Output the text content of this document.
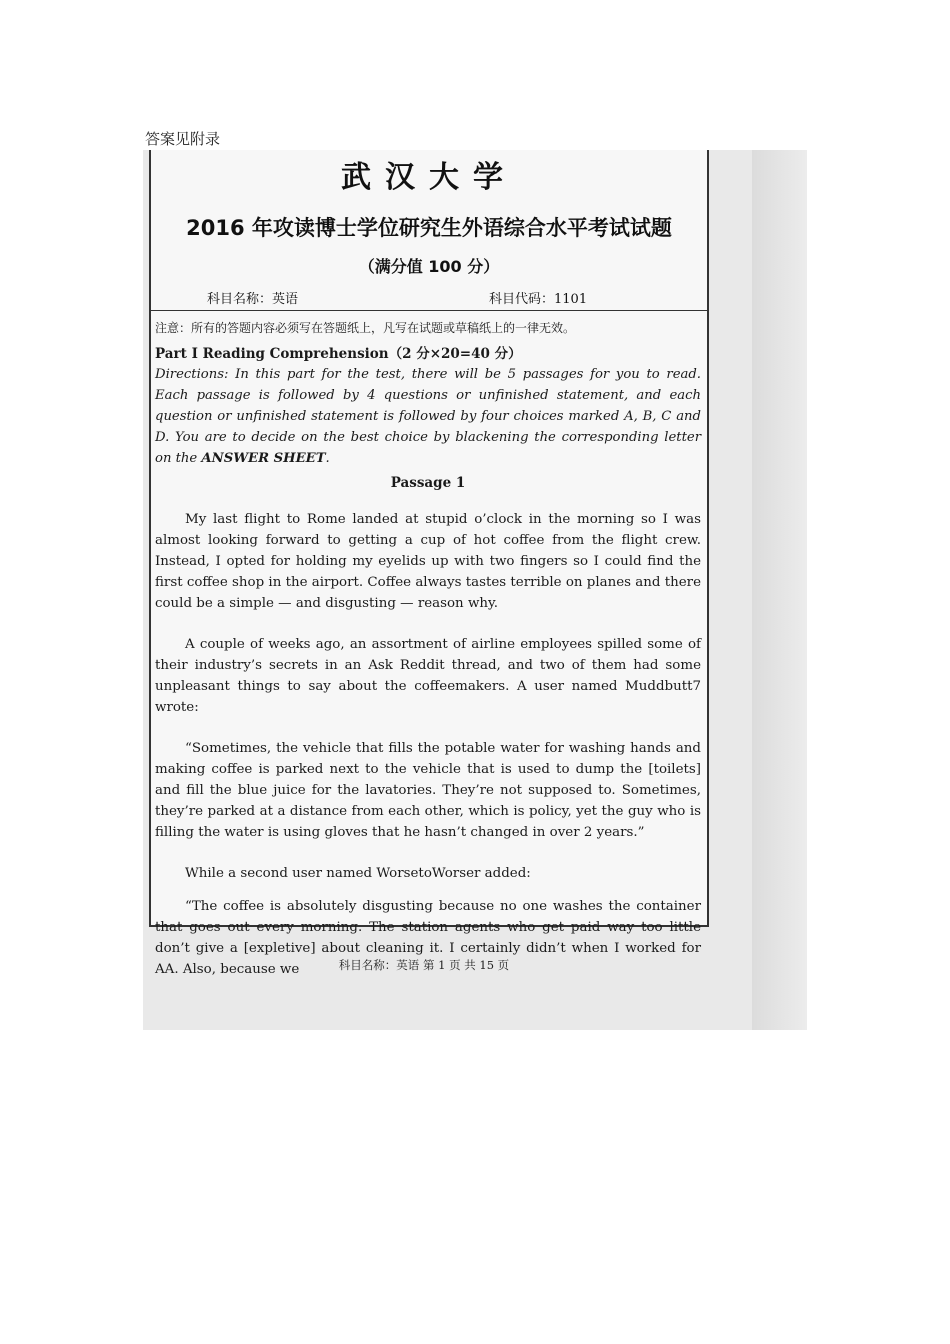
答案见附录
武汉大学
2016 年攻读博士学位研究生外语综合水平考试试题
（满分值 100 分）
科目名称：英语	科目代码：1101

注意：所有的答题内容必须写在答题纸上，凡写在试题或草稿纸上的一律无效。

Part Ⅰ Reading Comprehension（2 分×20=40 分）

Directions: In this part for the test, there will be 5 passages for you to read. Each passage is followed by 4 questions or unfinished statement, and each question or unfinished statement is followed by four choices marked A, B, C and D. You are to decide on the best choice by blackening the corresponding letter on the ANSWER SHEET.

Passage 1

My last flight to Rome landed at stupid o’clock in the morning so I was almost looking forward to getting a cup of hot coffee from the flight crew. Instead, I opted for holding my eyelids up with two fingers so I could find the first coffee shop in the airport. Coffee always tastes terrible on planes and there could be a simple — and disgusting — reason why.

A couple of weeks ago, an assortment of airline employees spilled some of their industry’s secrets in an Ask Reddit thread, and two of them had some unpleasant things to say about the coffeemakers. A user named Muddbutt7 wrote:

“Sometimes, the vehicle that fills the potable water for washing hands and making coffee is parked next to the vehicle that is used to dump the [toilets] and fill the blue juice for the lavatories. They’re not supposed to. Sometimes, they’re parked at a distance from each other, which is policy, yet the guy who is filling the water is using gloves that he hasn’t changed in over 2 years.”

While a second user named WorsetoWorser added:

“The coffee is absolutely disgusting because no one washes the container that goes out every morning. The station agents who get paid way too little don’t give a [expletive] about cleaning it. I certainly didn’t when I worked for AA. Also, because we	科目名称：英语 第 1 页 共 15 页
